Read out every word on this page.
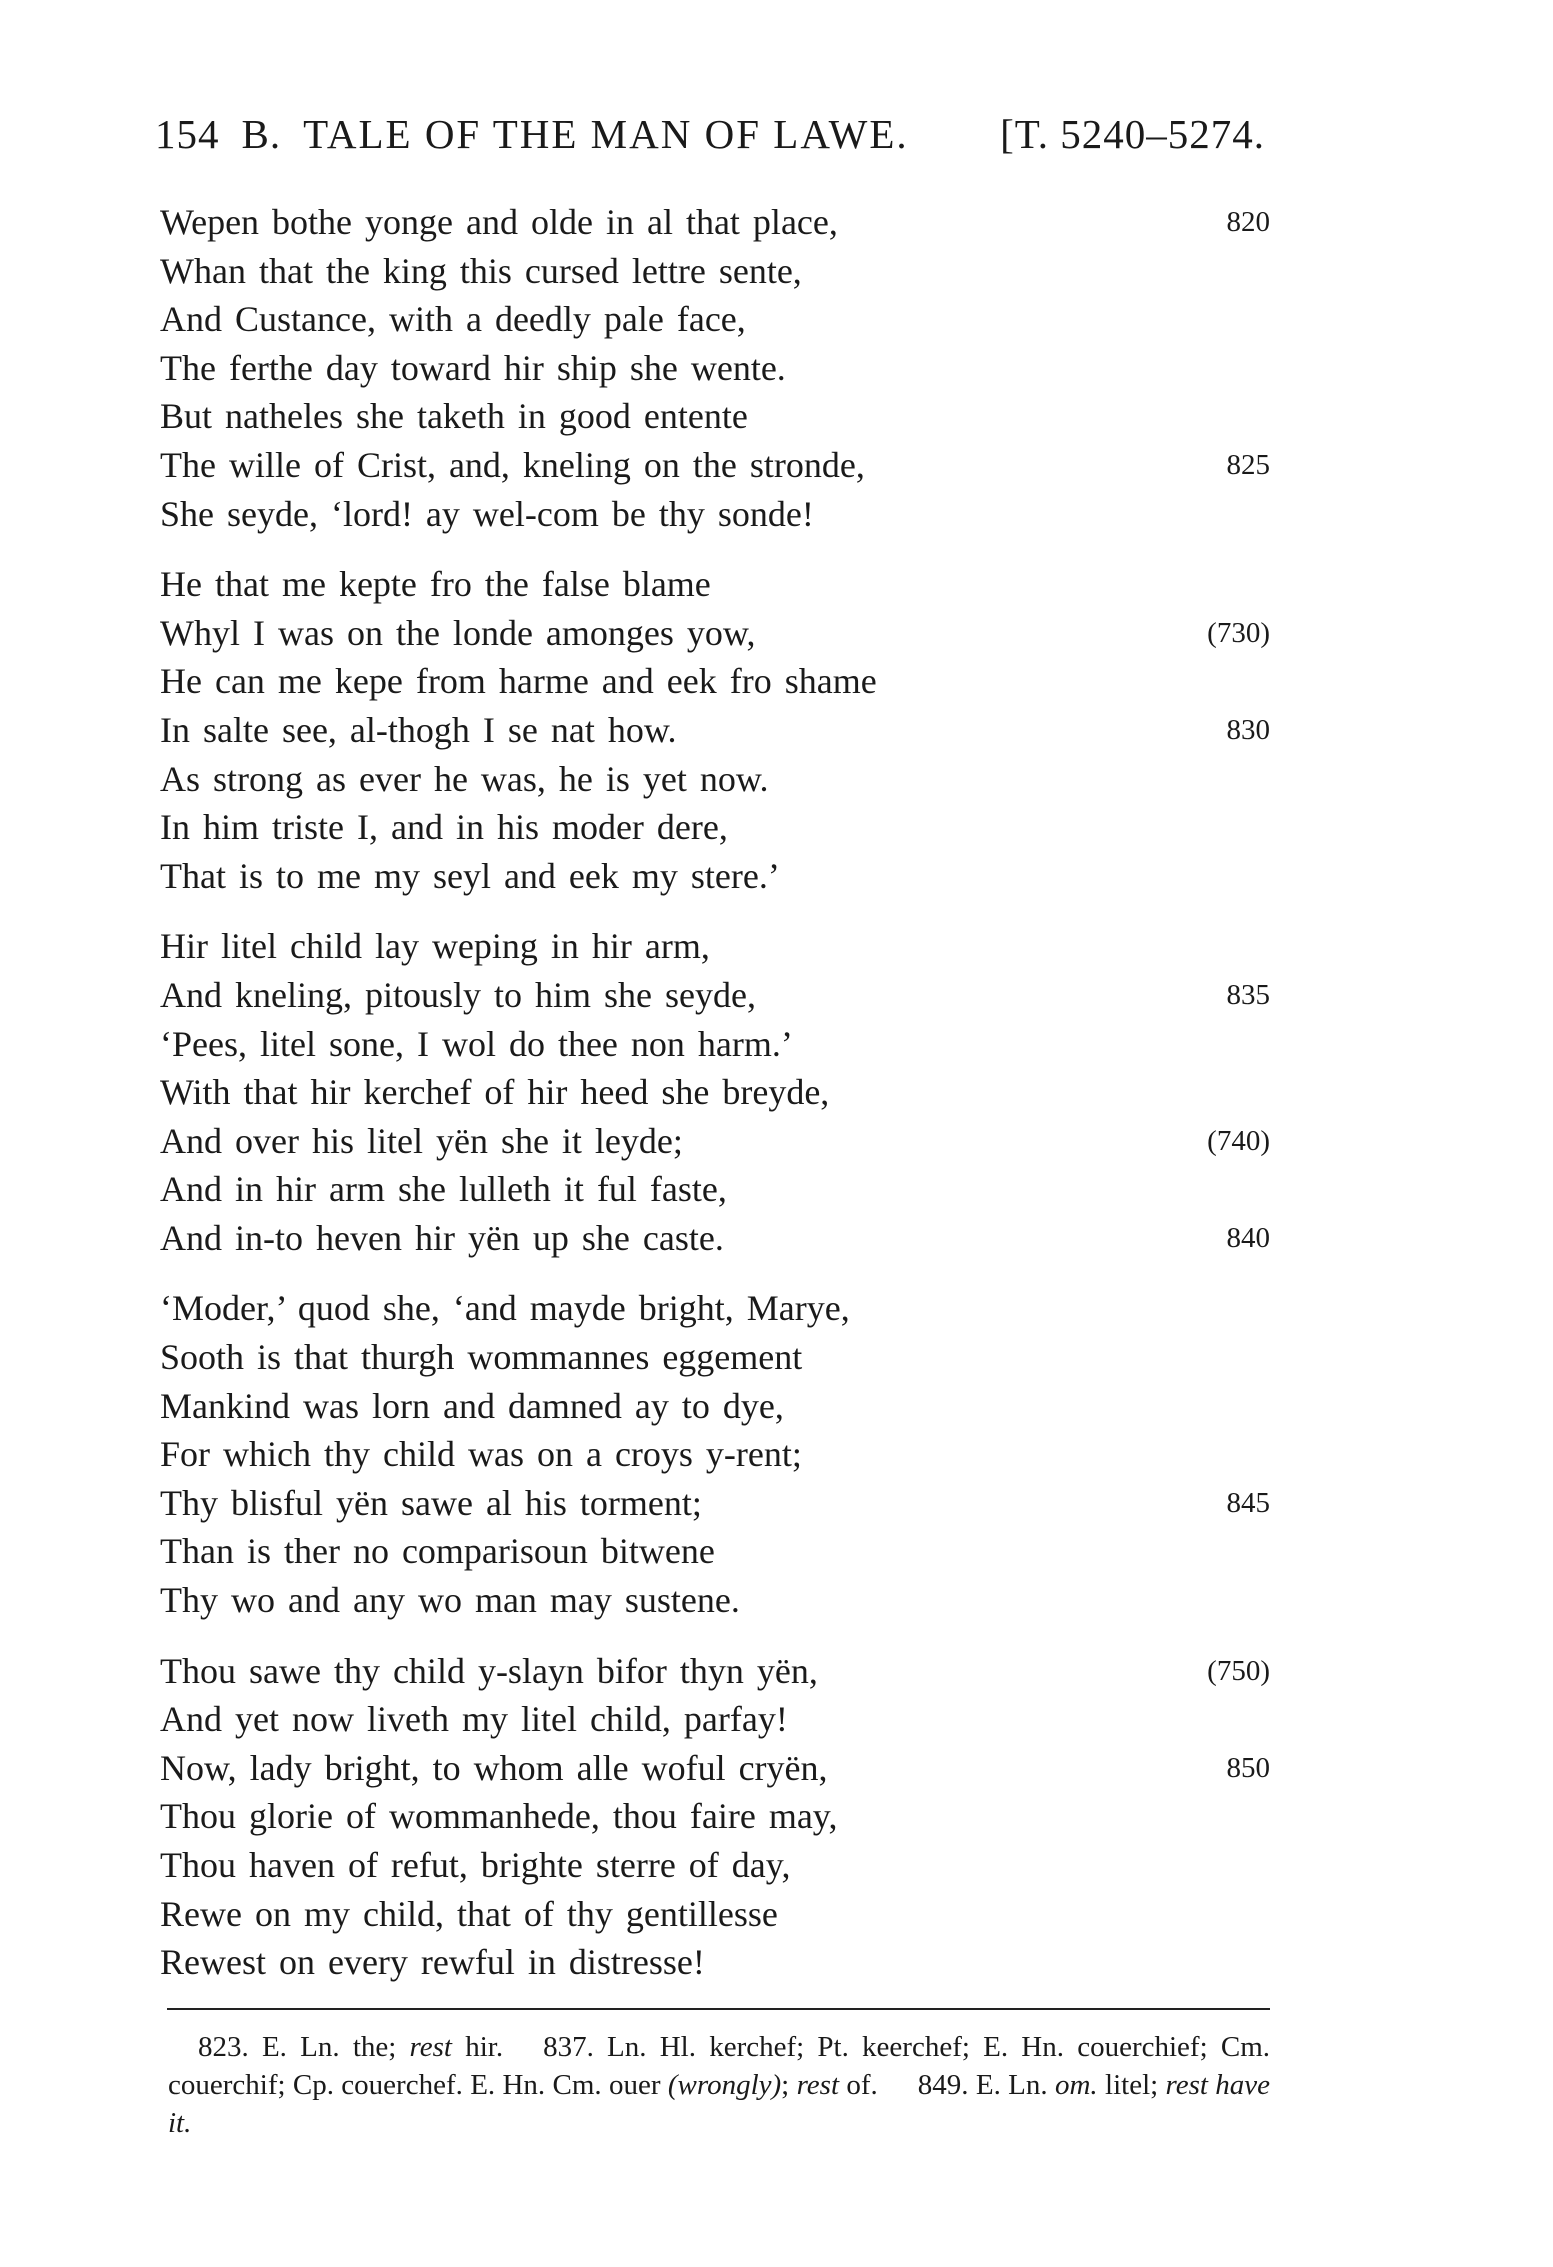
154 B. TALE OF THE MAN OF LAWE. [T. 5240–5274.
Wepen bothe yonge and olde in al that place,	820
Whan that the king this cursed lettre sente,
And Custance, with a deedly pale face,
The ferthe day toward hir ship she wente.
But natheles she taketh in good entente
The wille of Crist, and, kneling on the stronde,	825
She seyde, ‘lord! ay wel-com be thy sonde!
He that me kepte fro the false blame
Whyl I was on the londe amonges yow,	(730)
He can me kepe from harme and eek fro shame
In salte see, al-thogh I se nat how.	830
As strong as ever he was, he is yet now.
In him triste I, and in his moder dere,
That is to me my seyl and eek my stere.’
Hir litel child lay weping in hir arm,
And kneling, pitously to him she seyde,	835
‘Pees, litel sone, I wol do thee non harm.’
With that hir kerchef of hir heed she breyde,
And over his litel yën she it leyde;	(740)
And in hir arm she lulleth it ful faste,
And in-to heven hir yën up she caste.	840
‘Moder,’ quod she, ‘and mayde bright, Marye,
Sooth is that thurgh wommannes eggement
Mankind was lorn and damned ay to dye,
For which thy child was on a croys y-rent;
Thy blisful yën sawe al his torment;	845
Than is ther no comparisoun bitwene
Thy wo and any wo man may sustene.
Thou sawe thy child y-slayn bifor thyn yën,	(750)
And yet now liveth my litel child, parfay!
Now, lady bright, to whom alle woful cryën,	850
Thou glorie of wommanhede, thou faire may,
Thou haven of refut, brighte sterre of day,
Rewe on my child, that of thy gentillesse
Rewest on every rewful in distresse!
823. E. Ln. the; rest hir. 837. Ln. Hl. kerchef; Pt. keerchef; E. Hn. couerchief; Cm. couerchif; Cp. couerchef. E. Hn. Cm. ouer (wrongly); rest of. 849. E. Ln. om. litel; rest have it.
